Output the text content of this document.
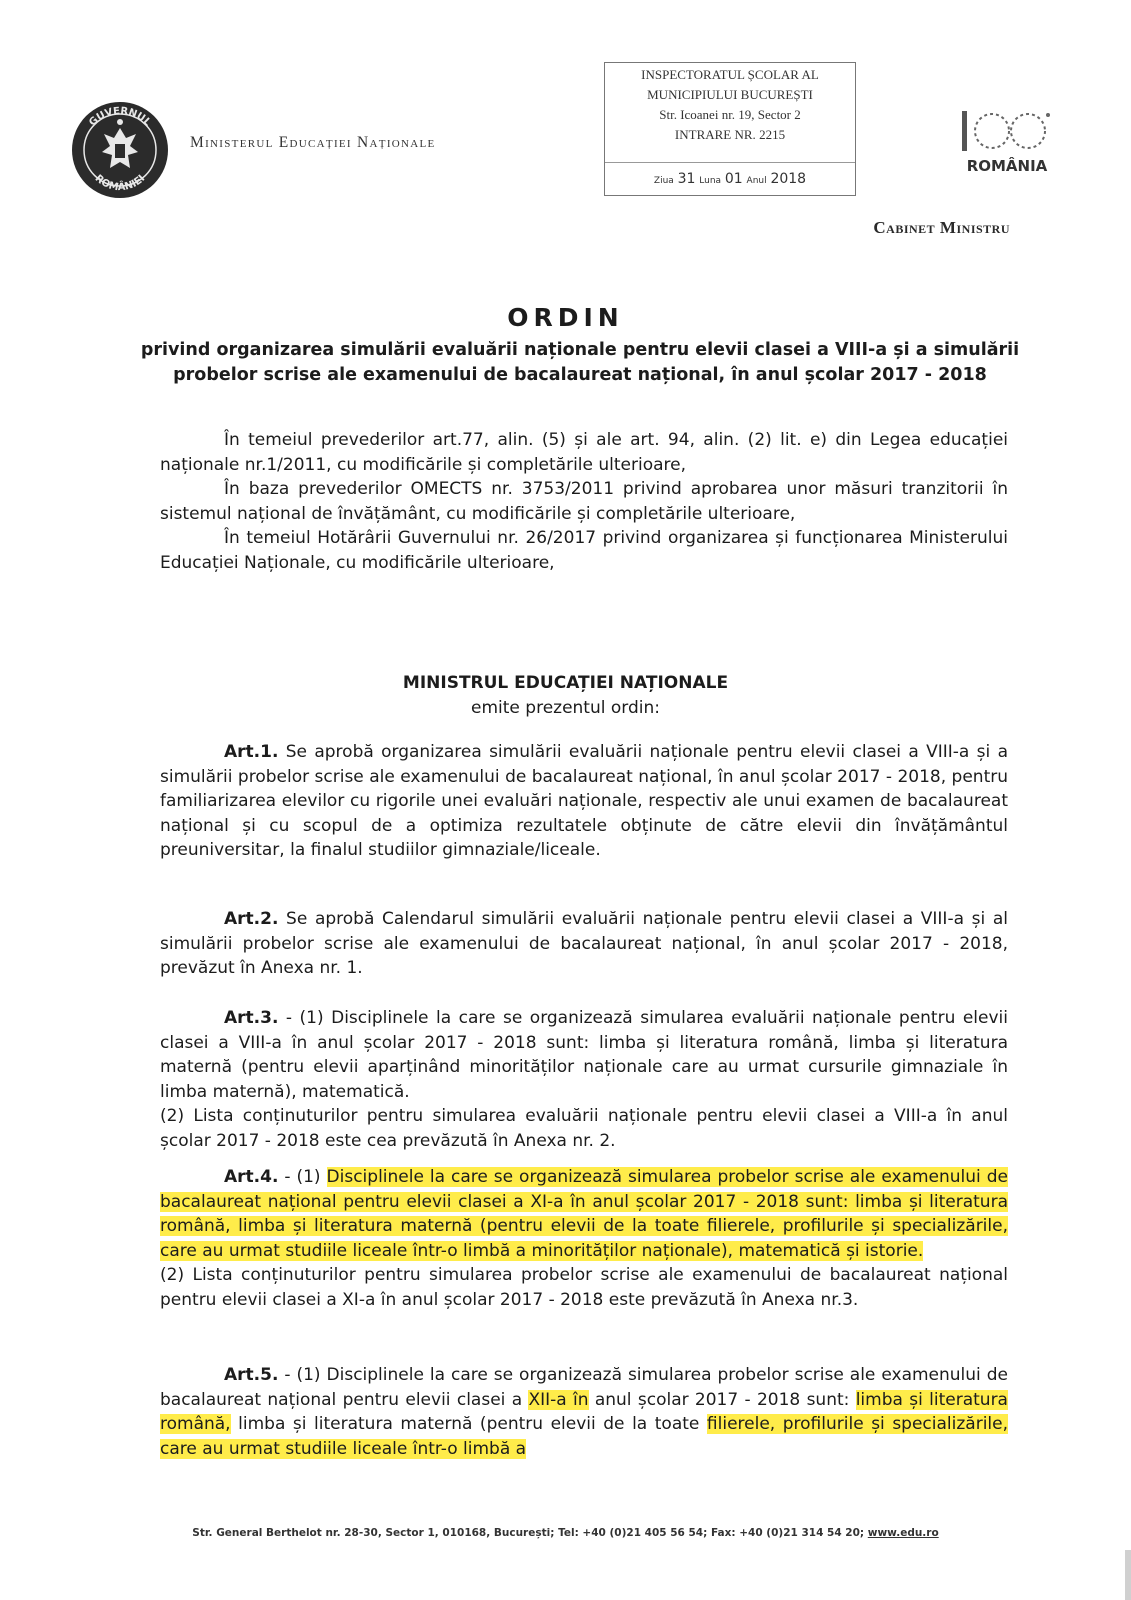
GUVERNUL
ROMÂNIEI
Ministerul Educației Naționale
INSPECTORATUL ȘCOLAR AL
MUNICIPIULUI BUCUREȘTI
Str. Icoanei nr. 19, Sector 2
INTRARE NR. 2215
Ziua 31 Luna 01 Anul 2018
ROMÂNIA
Cabinet Ministru
ORDIN
privind organizarea simulării evaluării naționale pentru elevii clasei a VIII-a și a simulării probelor scrise ale examenului de bacalaureat național, în anul școlar 2017 - 2018

În temeiul prevederilor art.77, alin. (5) și ale art. 94, alin. (2) lit. e) din Legea educației naționale nr.1/2011, cu modificările și completările ulterioare,

În baza prevederilor OMECTS nr. 3753/2011 privind aprobarea unor măsuri tranzitorii în sistemul național de învățământ, cu modificările și completările ulterioare,

În temeiul Hotărârii Guvernului nr. 26/2017 privind organizarea și funcționarea Ministerului Educației Naționale, cu modificările ulterioare,

MINISTRUL EDUCAȚIEI NAȚIONALE
emite prezentul ordin:

Art.1. Se aprobă organizarea simulării evaluării naționale pentru elevii clasei a VIII-a și a simulării probelor scrise ale examenului de bacalaureat național, în anul școlar 2017 - 2018, pentru familiarizarea elevilor cu rigorile unei evaluări naționale, respectiv ale unui examen de bacalaureat național și cu scopul de a optimiza rezultatele obținute de către elevii din învățământul preuniversitar, la finalul studiilor gimnaziale/liceale.

Art.2. Se aprobă Calendarul simulării evaluării naționale pentru elevii clasei a VIII-a și al simulării probelor scrise ale examenului de bacalaureat național, în anul școlar 2017 - 2018, prevăzut în Anexa nr. 1.

Art.3. - (1) Disciplinele la care se organizează simularea evaluării naționale pentru elevii clasei a VIII-a în anul școlar 2017 - 2018 sunt: limba și literatura română, limba și literatura maternă (pentru elevii aparținând minorităților naționale care au urmat cursurile gimnaziale în limba maternă), matematică.

(2) Lista conținuturilor pentru simularea evaluării naționale pentru elevii clasei a VIII-a în anul școlar 2017 - 2018 este cea prevăzută în Anexa nr. 2.

Art.4. - (1) Disciplinele la care se organizează simularea probelor scrise ale examenului de bacalaureat național pentru elevii clasei a XI-a în anul școlar 2017 - 2018 sunt: limba și literatura română, limba și literatura maternă (pentru elevii de la toate filierele, profilurile și specializările, care au urmat studiile liceale într-o limbă a minorităților naționale), matematică și istorie.

(2) Lista conținuturilor pentru simularea probelor scrise ale examenului de bacalaureat național pentru elevii clasei a XI-a în anul școlar 2017 - 2018 este prevăzută în Anexa nr.3.

Art.5. - (1) Disciplinele la care se organizează simularea probelor scrise ale examenului de bacalaureat național pentru elevii clasei a XII-a în anul școlar 2017 - 2018 sunt: limba și literatura română, limba și literatura maternă (pentru elevii de la toate filierele, profilurile și specializările, care au urmat studiile liceale într-o limbă a

Str. General Berthelot nr. 28-30, Sector 1, 010168, București; Tel: +40 (0)21 405 56 54; Fax: +40 (0)21 314 54 20; www.edu.ro
